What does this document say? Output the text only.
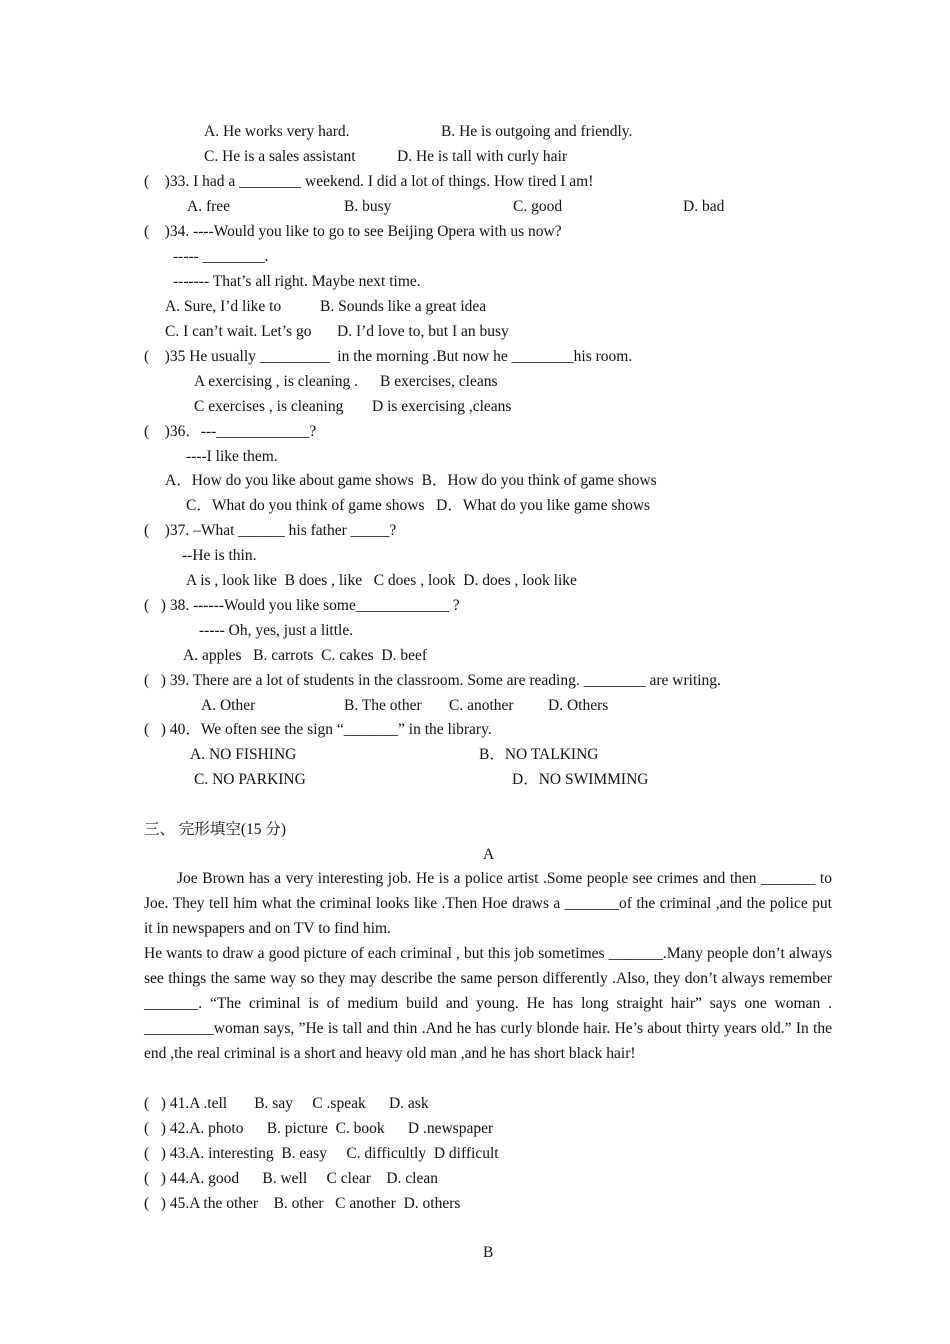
A. He works very hard.	B. He is outgoing and friendly.
C. He is a sales assistant	D. He is tall with curly hair
(    )33. I had a ________ weekend. I did a lot of things. How tired I am!
A. free	B. busy	C. good	D. bad
(    )34. ----Would you like to go to see Beijing Opera with us now?
----- ________.
------- That’s all right. Maybe next time.
A. Sure, I’d like to	B. Sounds like a great idea
C. I can’t wait. Let’s go D. I’d love to, but I an busy
(    )35 He usually _________  in the morning .But now he ________his room.
A exercising , is cleaning . B exercises, cleans
C exercises , is cleaning D is exercising ,cleans
(    )36．---____________?
----I like them.
A．How do you like about game shows  B．How do you think of game shows
C．What do you think of game shows   D．What do you like game shows
(    )37. –What ______ his father _____?
--He is thin.
A is , look like  B does , like   C does , look  D. does , look like
(   ) 38. ------Would you like some____________ ?
----- Oh, yes, just a little.
A. apples   B. carrots  C. cakes  D. beef
(   ) 39. There are a lot of students in the classroom. Some are reading. ________ are writing.
A. Other	B. The other C. another D. Others
(   ) 40．We often see the sign “_______” in the library.
A. NO FISHING	B．NO TALKING
C. NO PARKING	D．NO SWIMMING
三、 完形填空(15 分)
A
Joe Brown has a very interesting job. He is a police artist .Some people see crimes and then _______ to Joe. They tell him what the criminal looks like .Then Hoe draws a _______of the criminal ,and the police put it in newspapers and on TV to find him.
He wants to draw a good picture of each criminal , but this job sometimes _______.Many people don’t always see things the same way so they may describe the same person differently .Also, they don’t always remember _______. “The criminal is of medium build and young. He has long straight hair” says one woman . _________woman says, ”He is tall and thin .And he has curly blonde hair. He’s about thirty years old.” In the end ,the real criminal is a short and heavy old man ,and he has short black hair!
(   ) 41.A .tell       B. say     C .speak      D. ask
(   ) 42.A. photo      B. picture  C. book      D .newspaper
(   ) 43.A. interesting  B. easy     C. difficultly  D difficult
(   ) 44.A. good      B. well     C clear    D. clean
(   ) 45.A the other    B. other   C another  D. others
B
